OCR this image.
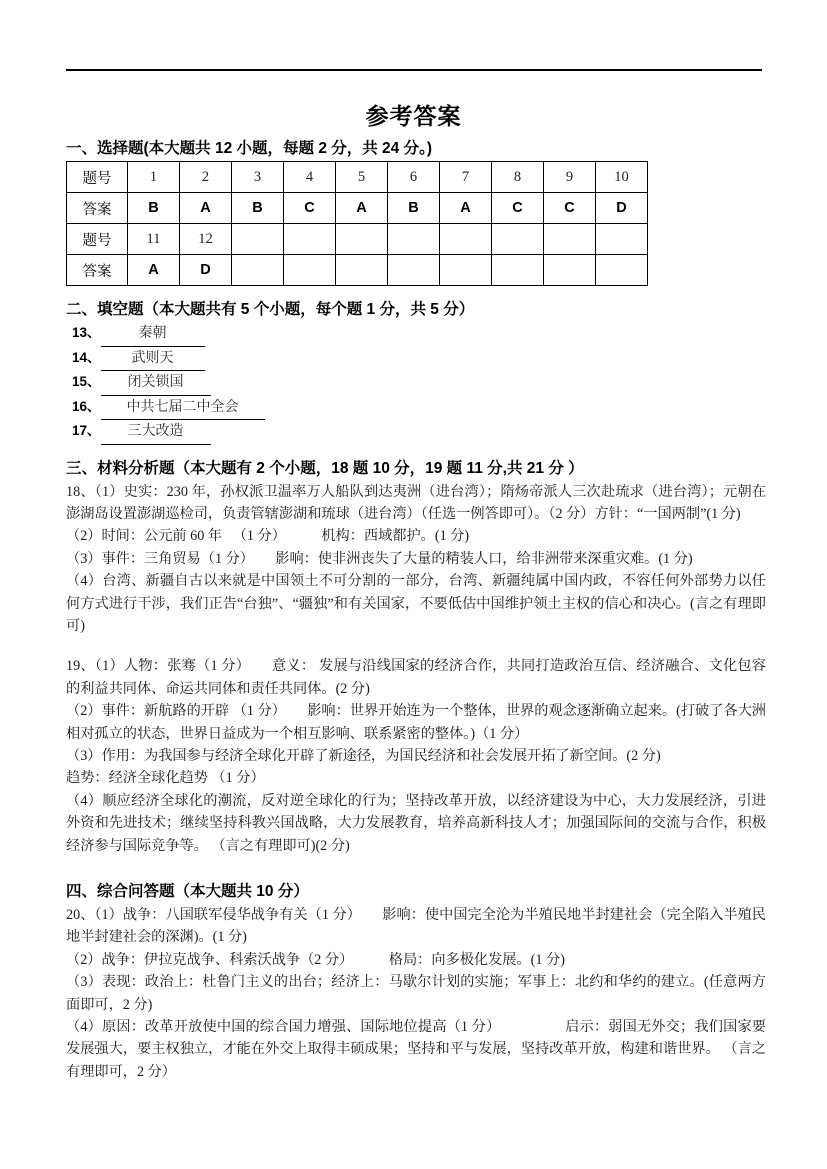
参考答案
一、选择题(本大题共 12 小题，每题 2 分，共 24 分。)
题号	1	2	3	4	5	6	7	8	9	10
答案	B	A	B	C	A	B	A	C	C	D
题号	11	12								
答案	A	D								
二、填空题（本大题共有 5 个小题，每个题 1 分，共 5 分）
13、	秦朝
14、 武则天
15、 闭关锁国
16、 中共七届二中全会
17、 三大改造
三、材料分析题（本大题有 2 个小题，18 题 10 分，19 题 11 分,共 21 分 ）

18、（1）史实：230 年，孙权派卫温率万人船队到达夷洲（进台湾）；隋炀帝派人三次赴琉求（进台湾）；元朝在澎湖岛设置澎湖巡检司，负责管辖澎湖和琉球（进台湾）（任选一例答即可）。（2 分）方针：“一国两制”(1 分)

（2）时间：公元前 60 年 　（1 分）　　　机构：西域都护。(1 分)

（3）事件：三角贸易（1 分）　　影响：使非洲丧失了大量的精装人口，给非洲带来深重灾难。(1 分)

（4）台湾、新疆自古以来就是中国领土不可分割的一部分，台湾、新疆纯属中国内政，不容任何外部势力以任何方式进行干涉，我们正告“台独”、“疆独”和有关国家，不要低估中国维护领土主权的信心和决心。(言之有理即可)

19、（1）人物：张骞（1 分）　　意义： 发展与沿线国家的经济合作，共同打造政治互信、经济融合、文化包容的利益共同体、命运共同体和责任共同体。(2 分)

（2）事件：新航路的开辟 （1 分）　　影响：世界开始连为一个整体，世界的观念逐渐确立起来。(打破了各大洲相对孤立的状态，世界日益成为一个相互影响、联系紧密的整体。)（1 分）

（3）作用：为我国参与经济全球化开辟了新途径，为国民经济和社会发展开拓了新空间。(2 分)

趋势：经济全球化趋势 （1 分）

（4）顺应经济全球化的潮流，反对逆全球化的行为；坚持改革开放，以经济建设为中心，大力发展经济，引进外资和先进技术；继续坚持科教兴国战略，大力发展教育，培养高新科技人才；加强国际间的交流与合作，积极经济参与国际竞争等。 （言之有理即可)(2 分)

四、综合问答题（本大题共 10 分）

20、（1）战争：八国联军侵华战争有关（1 分）　　影响：使中国完全沦为半殖民地半封建社会（完全陷入半殖民地半封建社会的深渊)。(1 分)

（2）战争：伊拉克战争、科索沃战争（2 分）　　　格局：向多极化发展。(1 分)

（3）表现：政治上：杜鲁门主义的出台；经济上：马歇尔计划的实施；军事上：北约和华约的建立。(任意两方面即可，2 分)

（4）原因：改革开放使中国的综合国力增强、国际地位提高（1 分）　　　　　启示：弱国无外交；我们国家要发展强大，要主权独立，才能在外交上取得丰硕成果；坚持和平与发展，坚持改革开放，构建和谐世界。 （言之有理即可，2 分）
